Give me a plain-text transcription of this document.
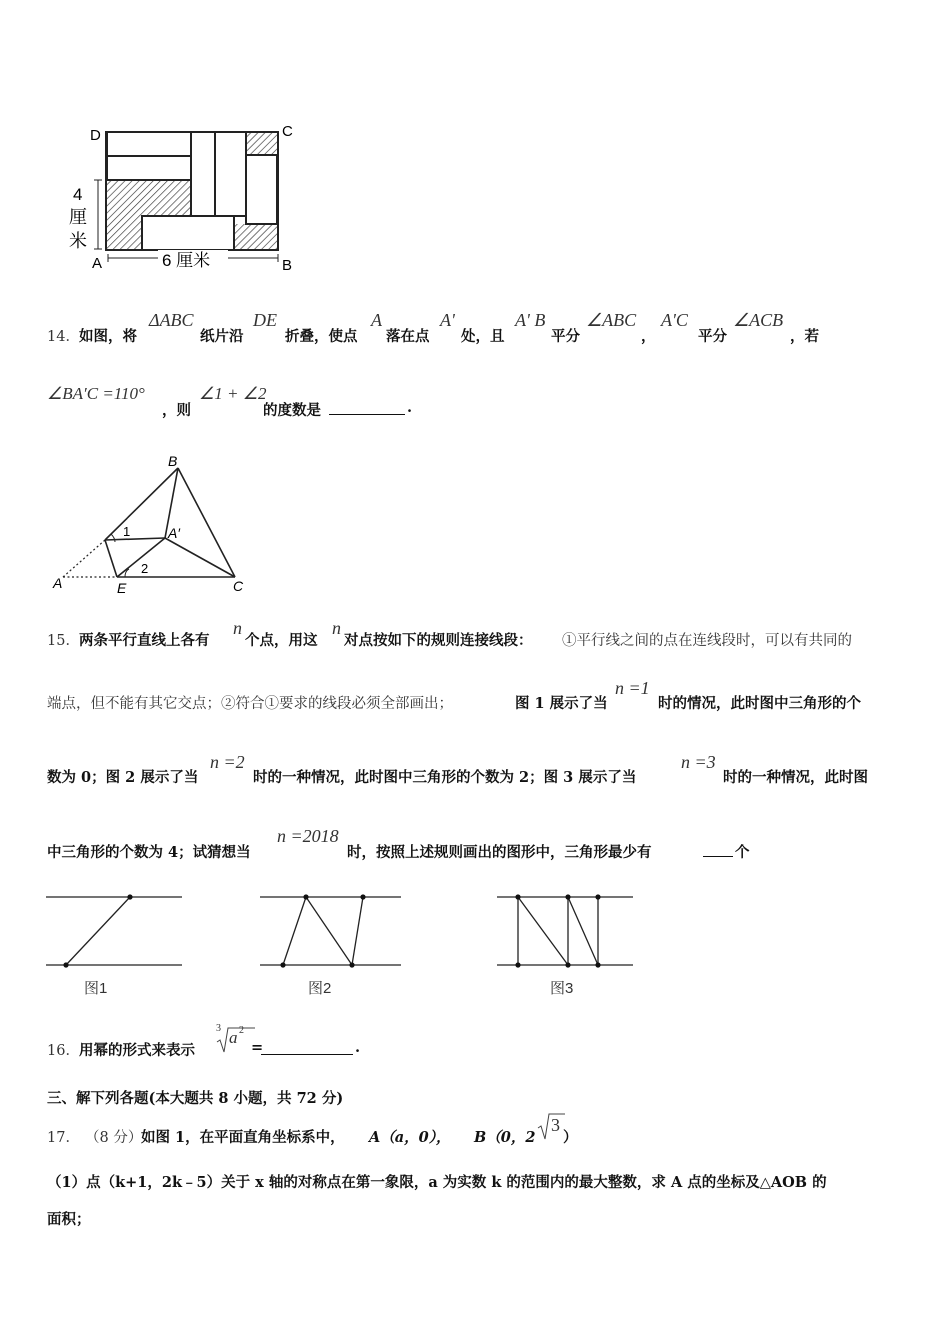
D	C
A	B
4
厘
米
6 厘米
14． 如图，将
ΔABC
纸片沿
DE
折叠，使点
A
落在点
A'
处，且
A' B
平分
∠ABC
，
A'C
平分
∠ACB
，若
∠BA′C =110°
，则
∠1 + ∠2
的度数是	.
B
A′
A	E	C
1
2
15． 两条平行直线上各有
n
个点，用这
n
对点按如下的规则连接线段： ①平行线之间的点在连线段时，可以有共同的
端点，但不能有其它交点；②符合①要求的线段必须全部画出；	图 1 展示了当
n =1
时的情况，此时图中三角形的个
数为 0；图 2 展示了当
n =2
时的一种情况，此时图中三角形的个数为 2；图 3 展示了当
n =3
时的一种情况，此时图
中三角形的个数为 4；试猜想当
n =2018
时，按照上述规则画出的图形中，三角形最少有	个
图1	图2	图3
16． 用幂的形式来表示
3 a 2
=	.
三、解下列各题(本大题共 8 小题，共 72 分)
17． （8 分）
如图 1，在平面直角坐标系中， A（a，0）， B（0，2
3
）
（1）点（k+1，2k﹣5）关于 x 轴的对称点在第一象限，a 为实数 k 的范围内的最大整数，求 A 点的坐标及△AOB 的
面积；
